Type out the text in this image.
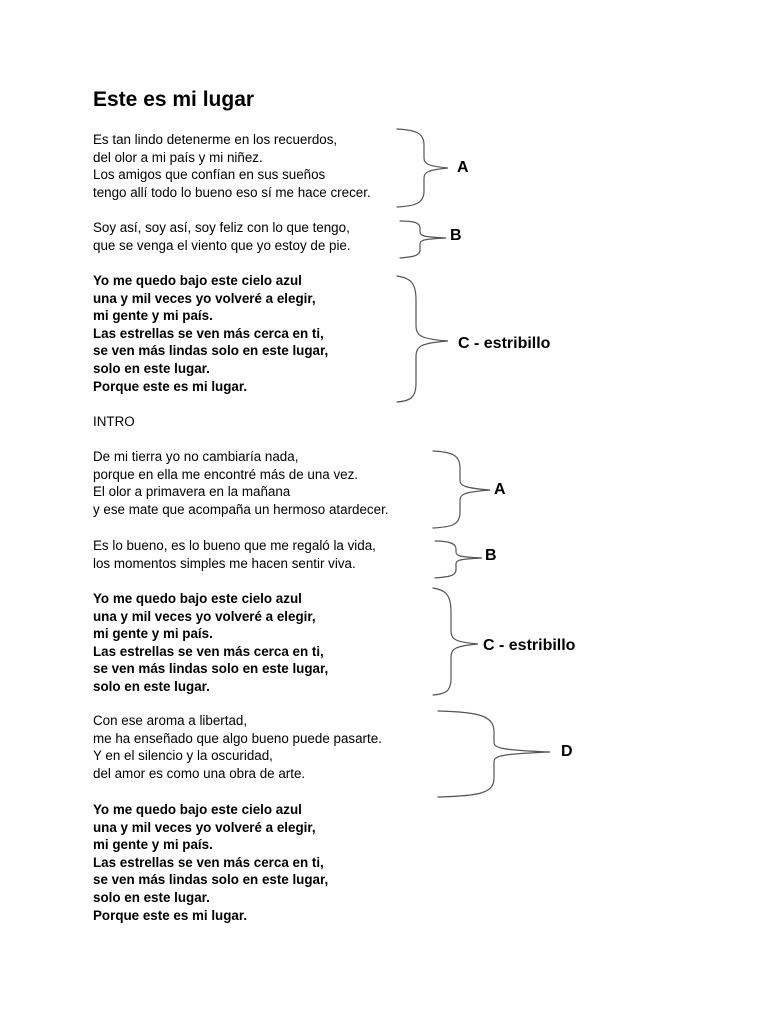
Este es mi lugar
Es tan lindo detenerme en los recuerdos,
del olor a mi país y mi niñez.
Los amigos que confían en sus sueños
tengo allí todo lo bueno eso sí me hace crecer.
Soy así, soy así, soy feliz con lo que tengo,
que se venga el viento que yo estoy de pie.
Yo me quedo bajo este cielo azul
una y mil veces yo volveré a elegir,
mi gente y mi país.
Las estrellas se ven más cerca en ti,
se ven más lindas solo en este lugar,
solo en este lugar.
Porque este es mi lugar.
INTRO
De mi tierra yo no cambiaría nada,
porque en ella me encontré más de una vez.
El olor a primavera en la mañana
y ese mate que acompaña un hermoso atardecer.
Es lo bueno, es lo bueno que me regaló la vida,
los momentos simples me hacen sentir viva.
Yo me quedo bajo este cielo azul
una y mil veces yo volveré a elegir,
mi gente y mi país.
Las estrellas se ven más cerca en ti,
se ven más lindas solo en este lugar,
solo en este lugar.
Con ese aroma a libertad,
me ha enseñado que algo bueno puede pasarte.
Y en el silencio y la oscuridad,
del amor es como una obra de arte.
Yo me quedo bajo este cielo azul
una y mil veces yo volveré a elegir,
mi gente y mi país.
Las estrellas se ven más cerca en ti,
se ven más lindas solo en este lugar,
solo en este lugar.
Porque este es mi lugar.
A
B
C - estribillo
A
B
C - estribillo
D
